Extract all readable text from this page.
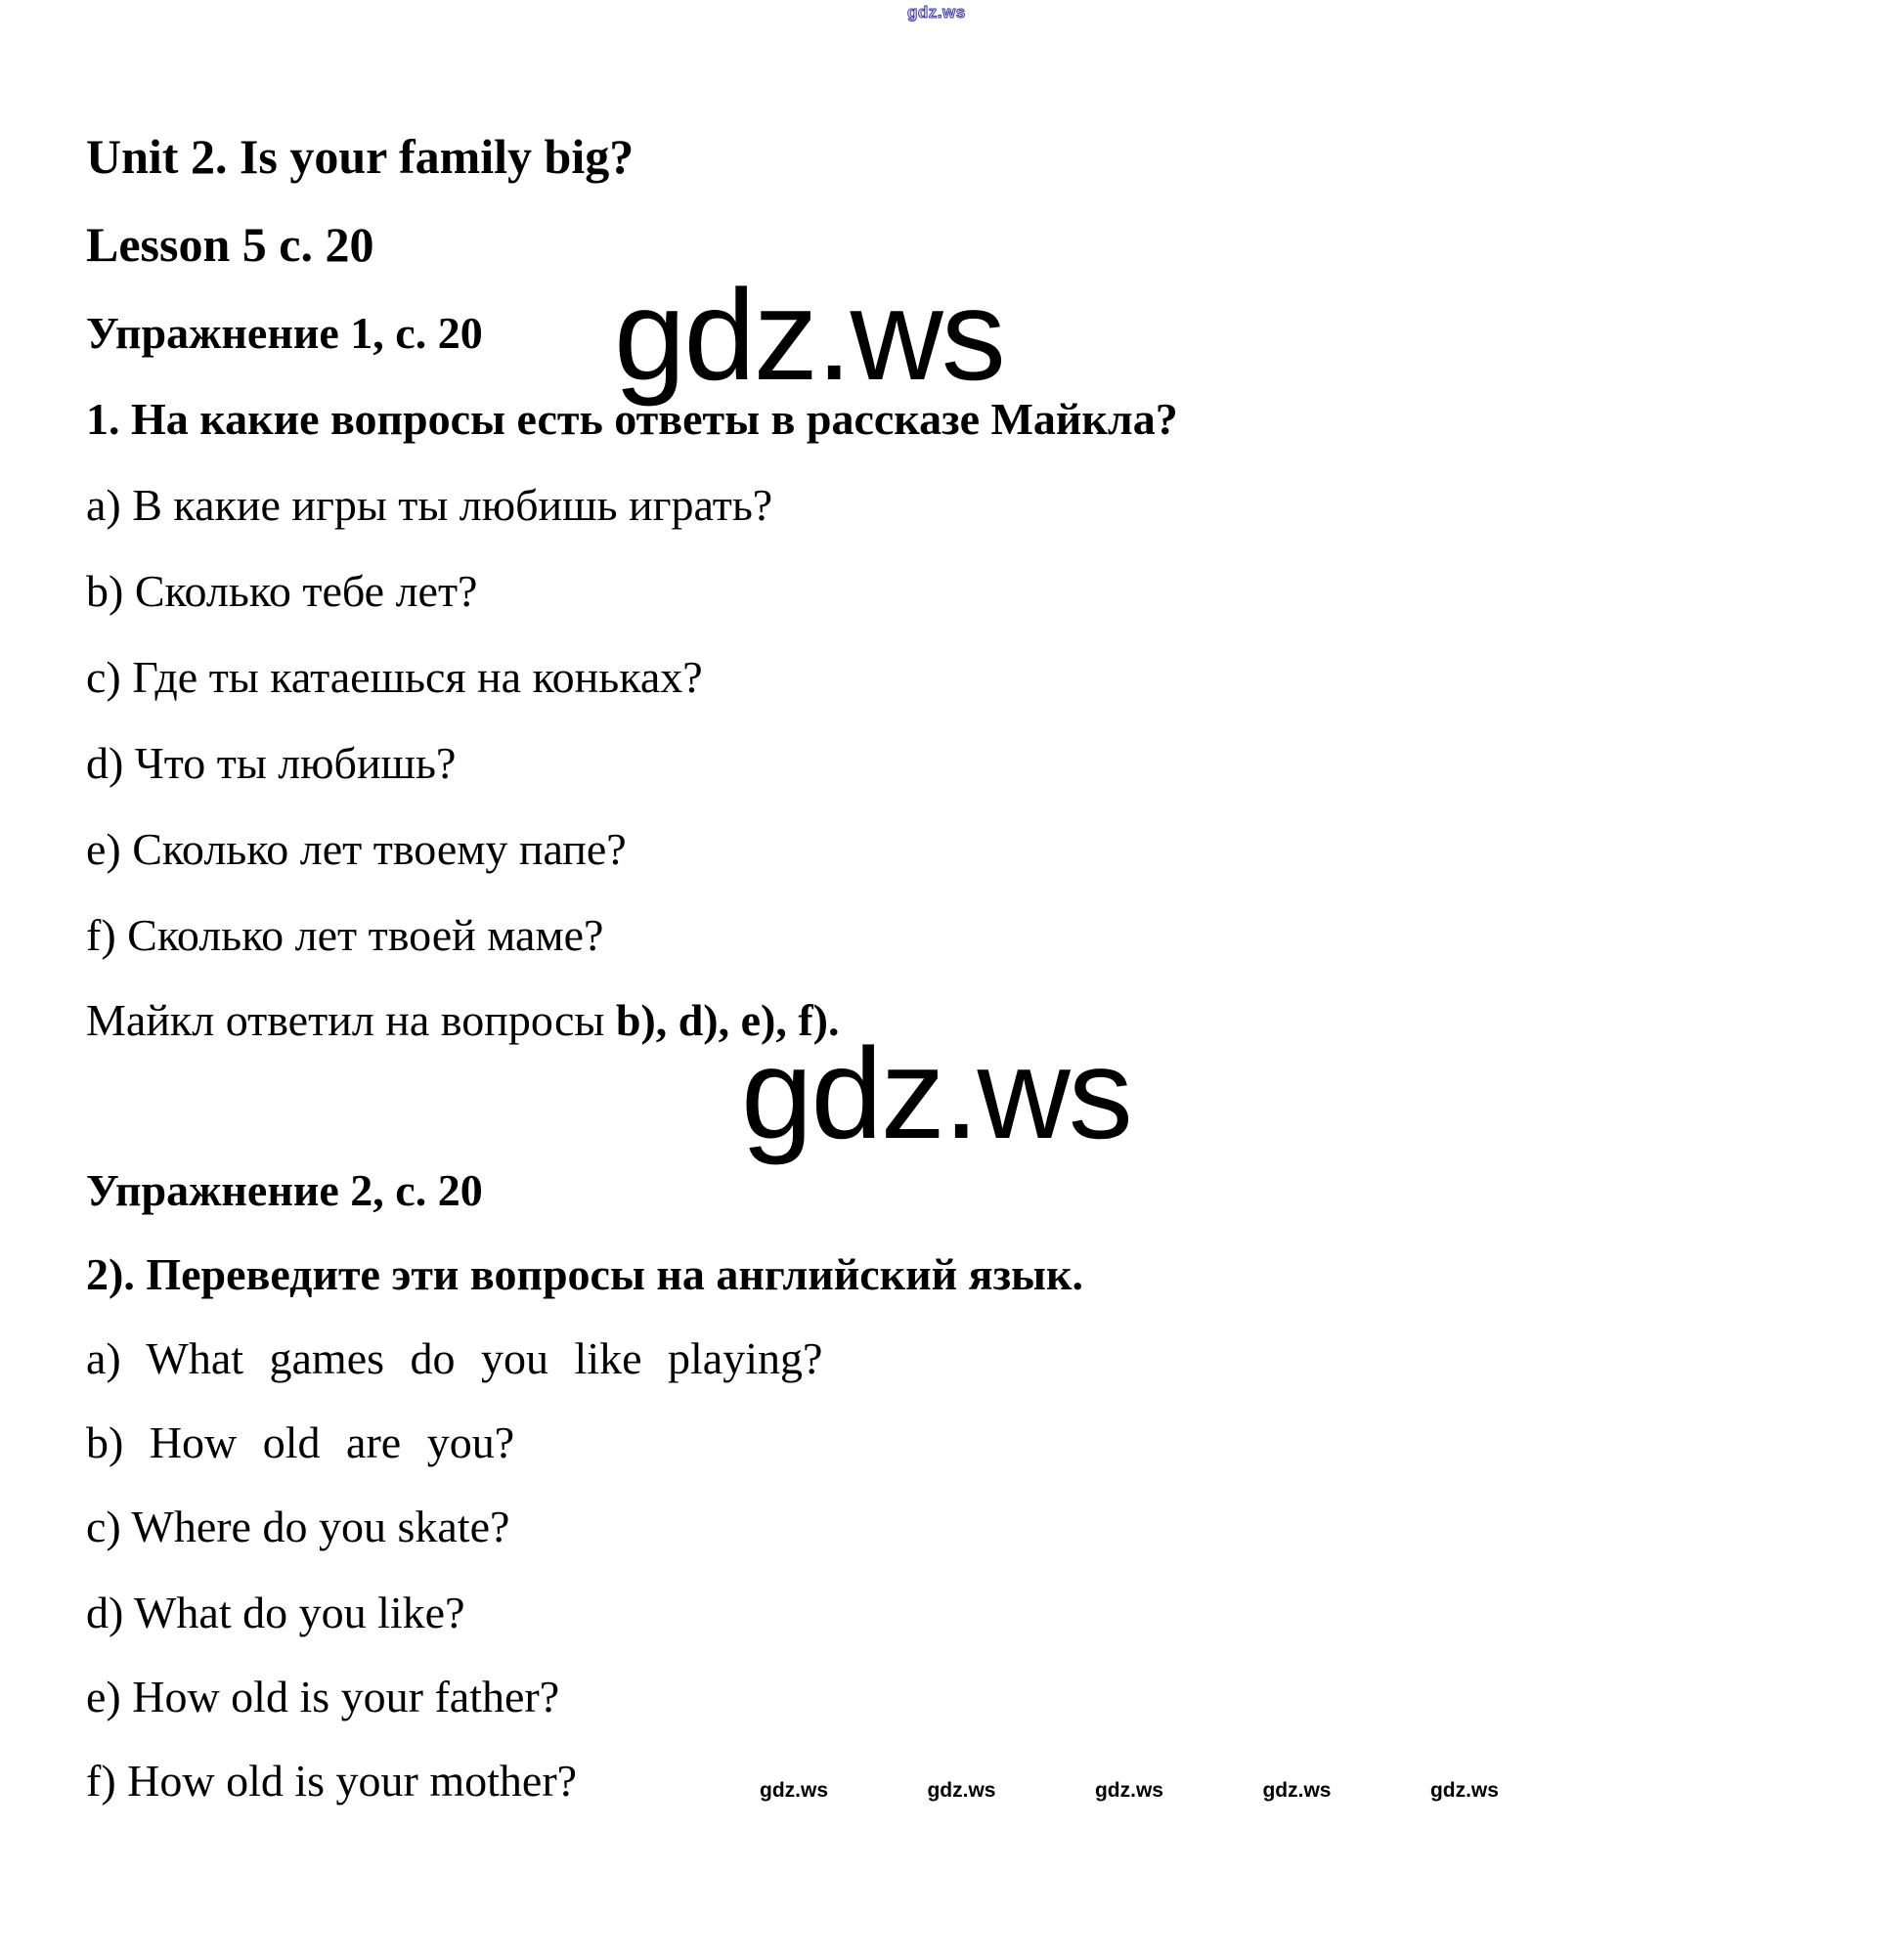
gdz.ws
Unit 2. Is your family big?
Lesson 5 с. 20
gdz.ws
Упражнение 1, с. 20
1. На какие вопросы есть ответы в рассказе Майкла?
a) В какие игры ты любишь играть?
b) Сколько тебе лет?
c) Где ты катаешься на коньках?
d) Что ты любишь?
e) Сколько лет твоему папе?
f) Сколько лет твоей маме?
Майкл ответил на вопросы b), d), e), f).
gdz.ws
Упражнение 2, с. 20
2). Переведите эти вопросы на английский язык.
a) What games do you like playing?
b) How old are you?
c) Where do you skate?
d) What do you like?
e) How old is your father?
f) How old is your mother?	gdz.ws	gdz.ws	gdz.ws	gdz.ws	gdz.ws
